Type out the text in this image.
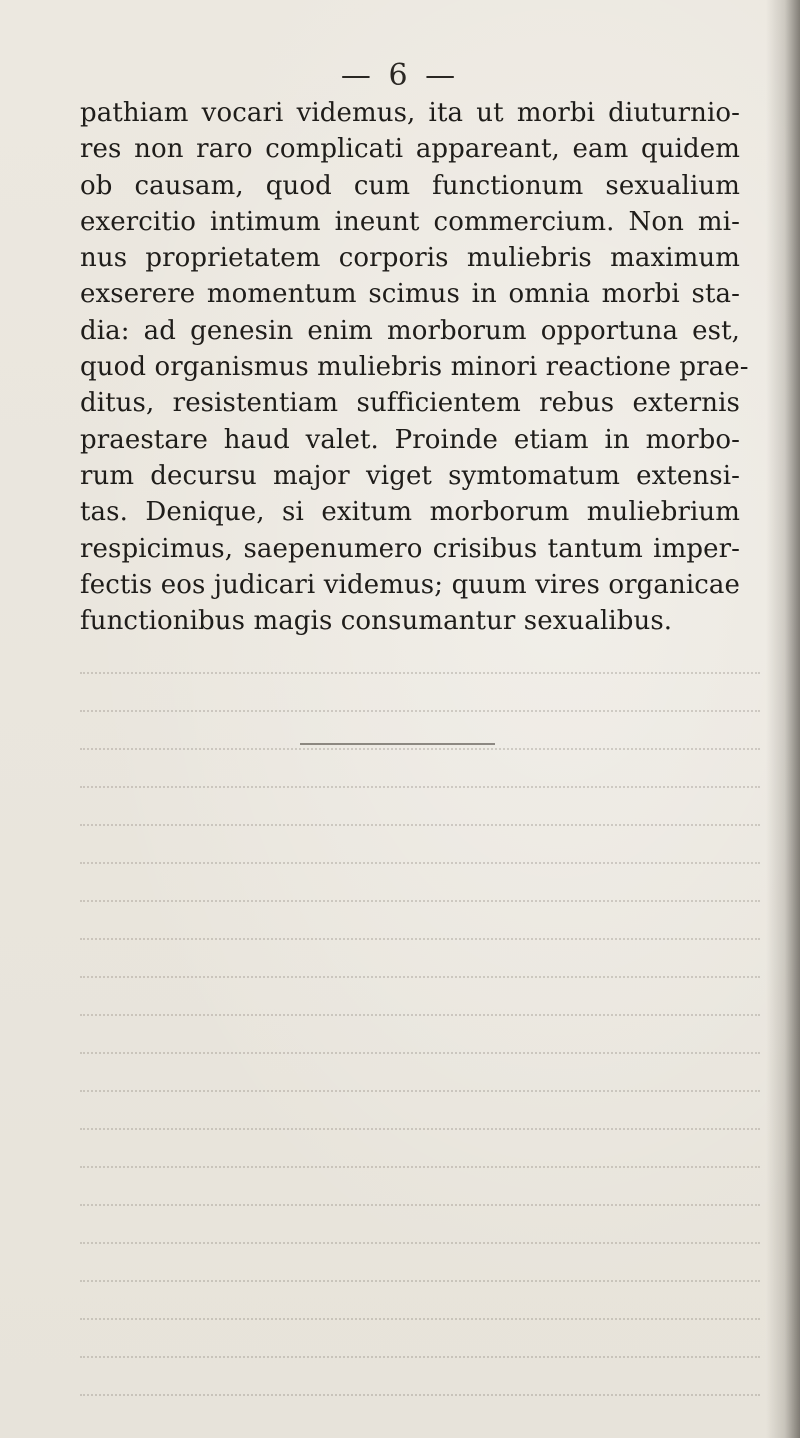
— 6 —
pathiam vocari videmus, ita ut morbi diuturnio-
res non raro complicati appareant, eam quidem
ob causam, quod cum functionum sexualium
exercitio intimum ineunt commercium. Non mi-
nus proprietatem corporis muliebris maximum
exserere momentum scimus in omnia morbi sta-
dia: ad genesin enim morborum opportuna est,
quod organismus muliebris minori reactione prae-
ditus, resistentiam sufficientem rebus externis
praestare haud valet. Proinde etiam in morbo-
rum decursu major viget symtomatum extensi-
tas. Denique, si exitum morborum muliebrium
respicimus, saepenumero crisibus tantum imper-
fectis eos judicari videmus; quum vires organicae
functionibus magis consumantur sexualibus.
